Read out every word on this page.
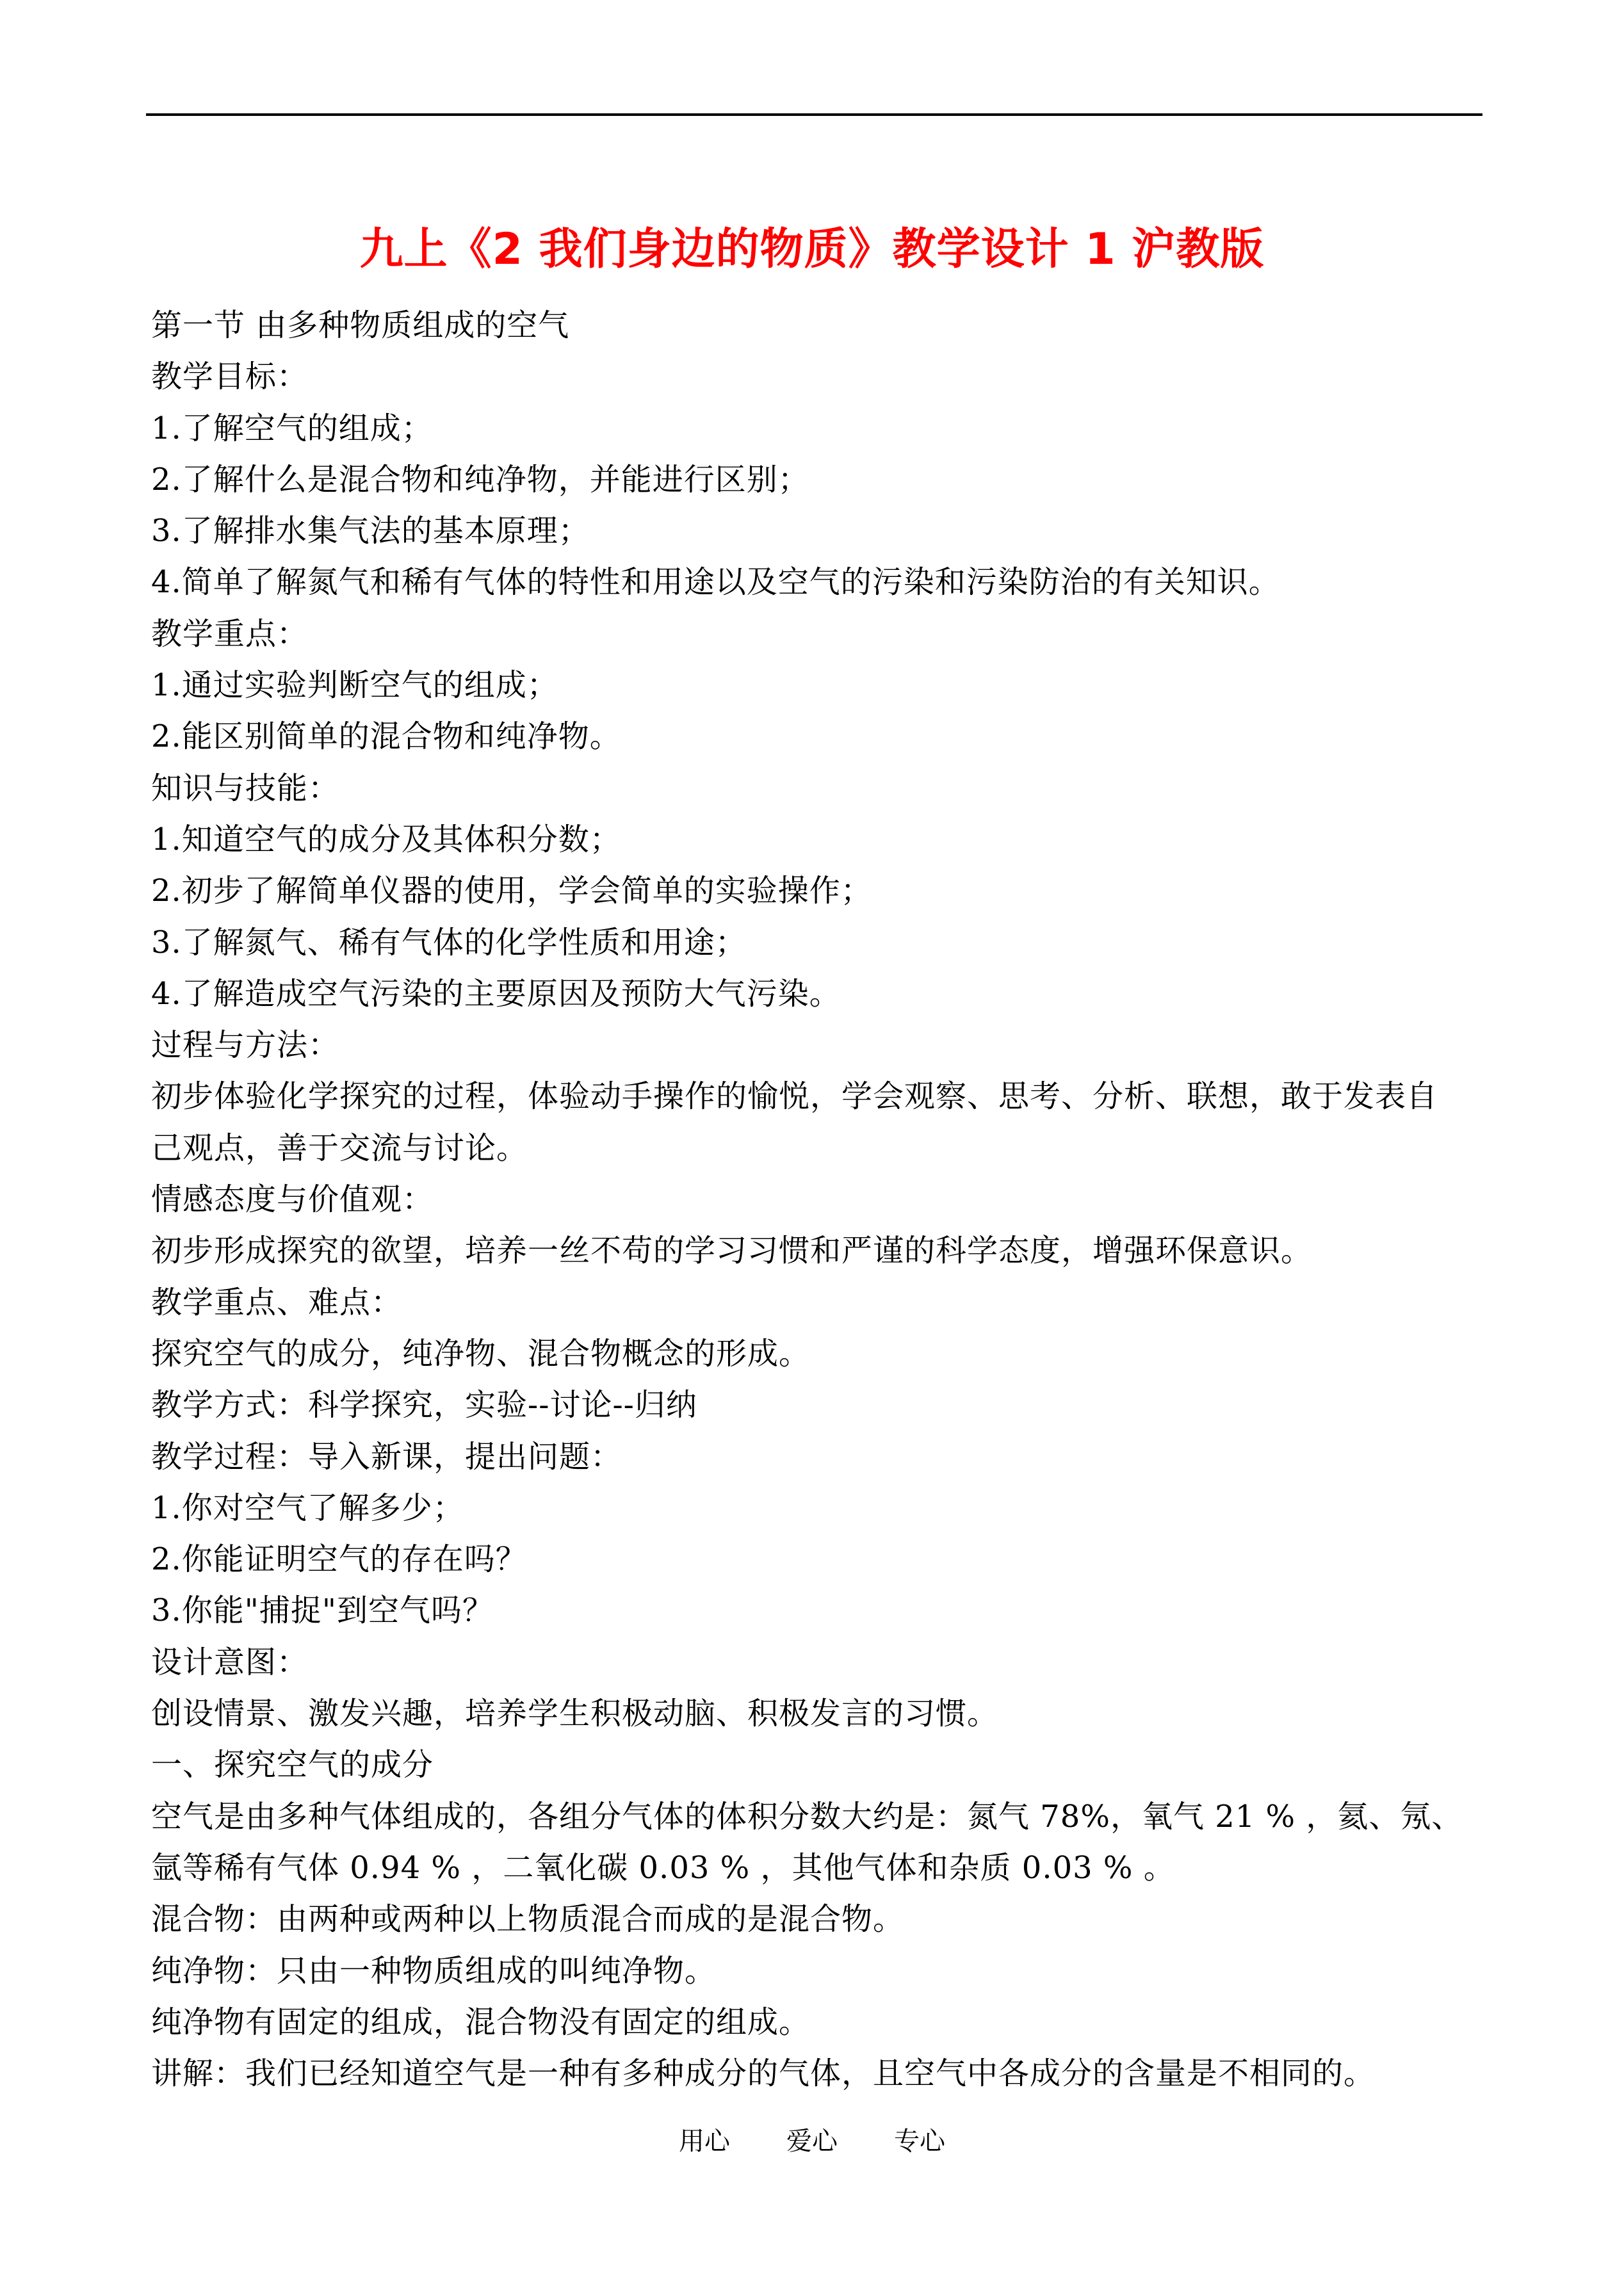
九上《2 我们身边的物质》教学设计 1 沪教版
第一节 由多种物质组成的空气
教学目标：
1.了解空气的组成；
2.了解什么是混合物和纯净物，并能进行区别；
3.了解排水集气法的基本原理；
4.简单了解氮气和稀有气体的特性和用途以及空气的污染和污染防治的有关知识。
教学重点：
1.通过实验判断空气的组成；
2.能区别简单的混合物和纯净物。
知识与技能：
1.知道空气的成分及其体积分数；
2.初步了解简单仪器的使用，学会简单的实验操作；
3.了解氮气、稀有气体的化学性质和用途；
4.了解造成空气污染的主要原因及预防大气污染。
过程与方法：
初步体验化学探究的过程，体验动手操作的愉悦，学会观察、思考、分析、联想，敢于发表自
己观点，善于交流与讨论。
情感态度与价值观：
初步形成探究的欲望，培养一丝不苟的学习习惯和严谨的科学态度，增强环保意识。
教学重点、难点：
探究空气的成分，纯净物、混合物概念的形成。
教学方式：科学探究，实验--讨论--归纳
教学过程：导入新课，提出问题：
1.你对空气了解多少；
2.你能证明空气的存在吗？
3.你能"捕捉"到空气吗？
设计意图：
创设情景、激发兴趣，培养学生积极动脑、积极发言的习惯。
一、探究空气的成分
空气是由多种气体组成的，各组分气体的体积分数大约是：氮气 78%，氧气 21 % ，氦、氖、
氩等稀有气体 0.94 % ，二氧化碳 0.03 % ，其他气体和杂质 0.03 % 。
混合物：由两种或两种以上物质混合而成的是混合物。
纯净物：只由一种物质组成的叫纯净物。
纯净物有固定的组成，混合物没有固定的组成。
讲解：我们已经知道空气是一种有多种成分的气体，且空气中各成分的含量是不相同的。
用心 爱心 专心
